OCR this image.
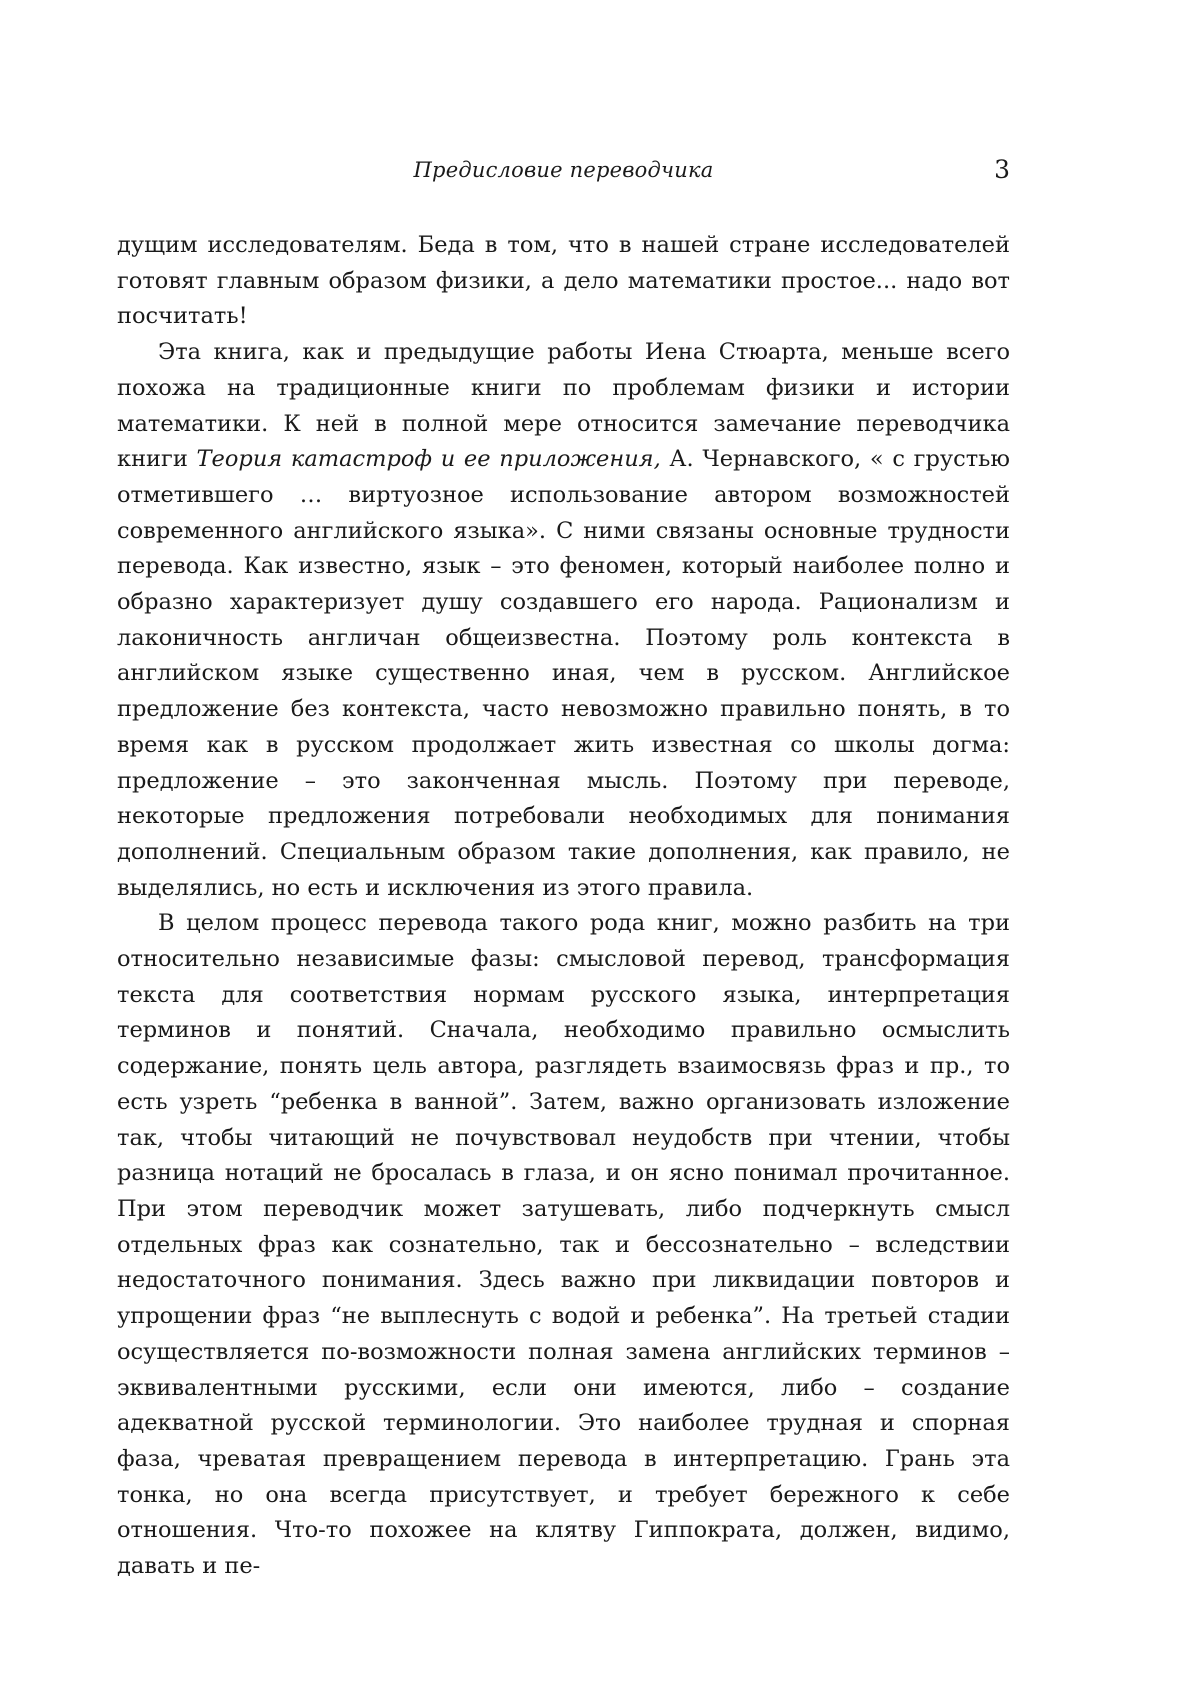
Предисловие переводчика	3

дущим исследователям. Беда в том, что в нашей стране исследователей готовят главным образом физики, а дело математики простое... надо вот посчитать!

Эта книга, как и предыдущие работы Иена Стюарта, меньше всего похожа на традиционные книги по проблемам физики и истории математики. К ней в полной мере относится замечание переводчика книги Теория катастроф и ее приложения, А. Чернавского, « с грустью отметившего … виртуозное использование автором возможностей современного английского языка». С ними связаны основные трудности перевода. Как известно, язык – это феномен, который наиболее полно и образно характеризует душу создавшего его народа. Рационализм и лаконичность англичан общеизвестна. Поэтому роль контекста в английском языке существенно иная, чем в русском. Английское предложение без контекста, часто невозможно правильно понять, в то время как в русском продолжает жить известная со школы догма: предложение – это законченная мысль. Поэтому при переводе, некоторые предложения потребовали необходимых для понимания дополнений. Специальным образом такие дополнения, как правило, не выделялись, но есть и исключения из этого правила.

В целом процесс перевода такого рода книг, можно разбить на три относительно независимые фазы: смысловой перевод, трансформация текста для соответствия нормам русского языка, интерпретация терминов и понятий. Сначала, необходимо правильно осмыслить содержание, понять цель автора, разглядеть взаимосвязь фраз и пр., то есть узреть “ребенка в ванной”. Затем, важно организовать изложение так, чтобы читающий не почувствовал неудобств при чтении, чтобы разница нотаций не бросалась в глаза, и он ясно понимал прочитанное. При этом переводчик может затушевать, либо подчеркнуть смысл отдельных фраз как сознательно, так и бессознательно – вследствии недостаточного понимания. Здесь важно при ликвидации повторов и упрощении фраз “не выплеснуть с водой и ребенка”. На третьей стадии осуществляется по-возможности полная замена английских терминов – эквивалентными русскими, если они имеются, либо – создание адекватной русской терминологии. Это наиболее трудная и спорная фаза, чреватая превращением перевода в интерпретацию. Грань эта тонка, но она всегда присутствует, и требует бережного к себе отношения. Что-то похожее на клятву Гиппократа, должен, видимо, давать и пе-
